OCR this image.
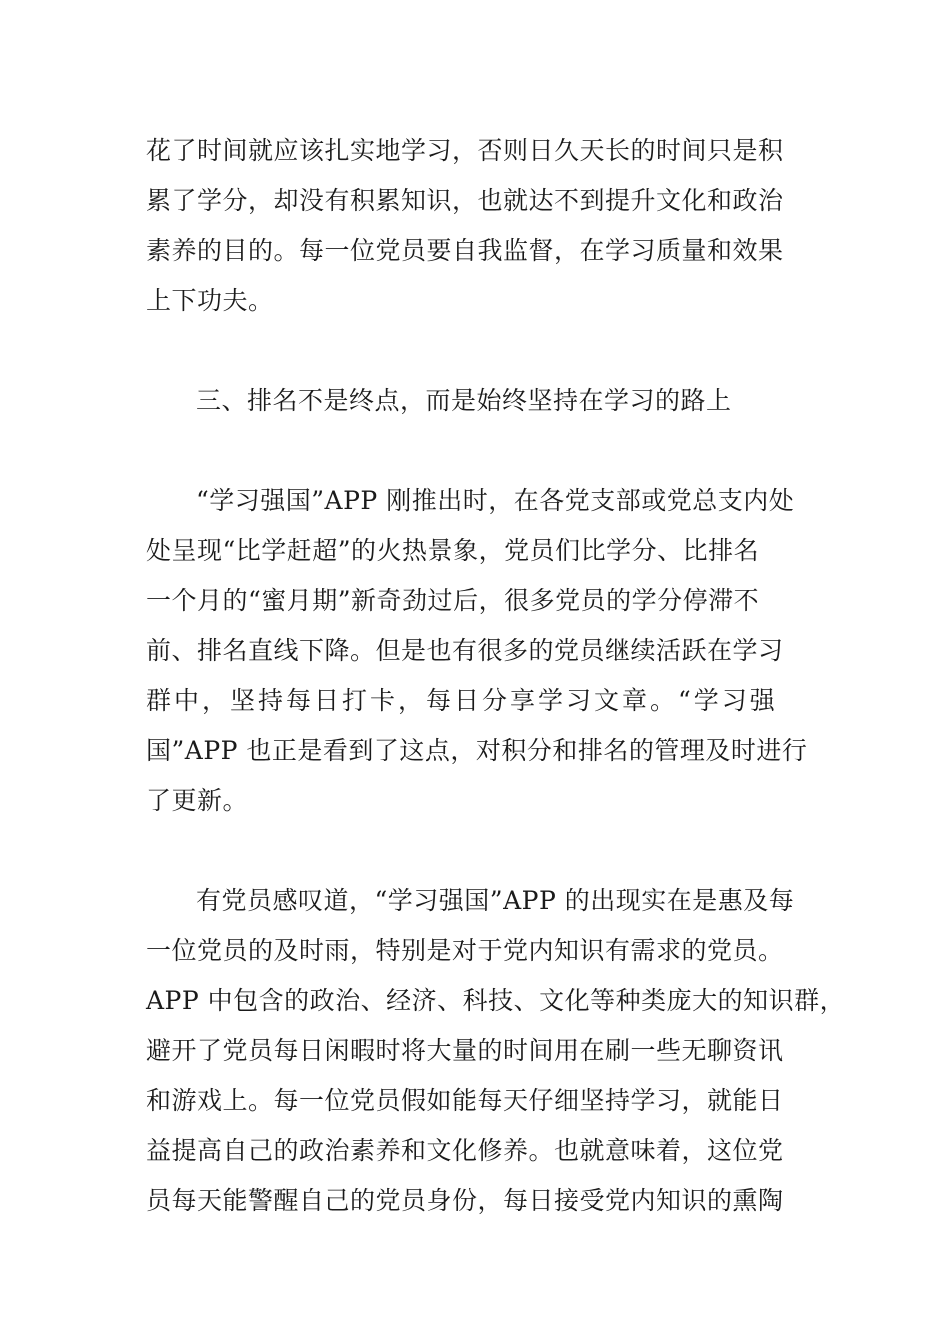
花了时间就应该扎实地学习，否则日久天长的时间只是积

累了学分，却没有积累知识，也就达不到提升文化和政治

素养的目的。每一位党员要自我监督，在学习质量和效果

上下功夫。

三、排名不是终点，而是始终坚持在学习的路上

“学习强国”APP 刚推出时，在各党支部或党总支内处

处呈现“比学赶超”的火热景象，党员们比学分、比排名

一个月的“蜜月期”新奇劲过后，很多党员的学分停滞不

前、排名直线下降。但是也有很多的党员继续活跃在学习

群中，坚持每日打卡，每日分享学习文章。“学习强

国”APP 也正是看到了这点，对积分和排名的管理及时进行

了更新。

有党员感叹道，“学习强国”APP 的出现实在是惠及每

一位党员的及时雨，特别是对于党内知识有需求的党员。

APP 中包含的政治、经济、科技、文化等种类庞大的知识群，

避开了党员每日闲暇时将大量的时间用在刷一些无聊资讯

和游戏上。每一位党员假如能每天仔细坚持学习，就能日

益提高自己的政治素养和文化修养。也就意味着，这位党

员每天能警醒自己的党员身份，每日接受党内知识的熏陶
